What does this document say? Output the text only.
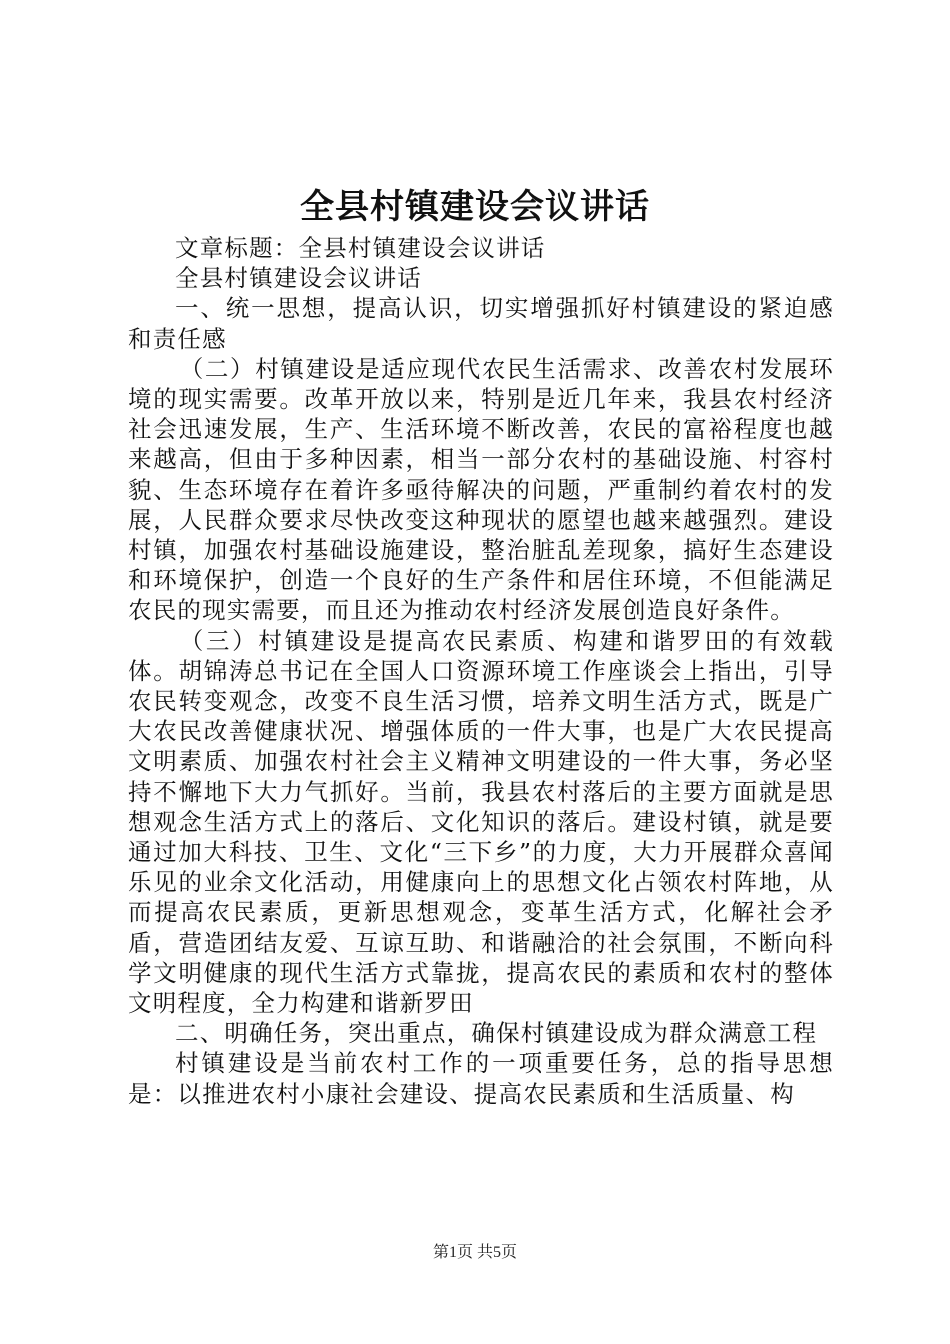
全县村镇建设会议讲话

文章标题：全县村镇建设会议讲话

全县村镇建设会议讲话

一、统一思想，提高认识，切实增强抓好村镇建设的紧迫感和责任感

（二）村镇建设是适应现代农民生活需求、改善农村发展环境的现实需要。改革开放以来，特别是近几年来，我县农村经济社会迅速发展，生产、生活环境不断改善，农民的富裕程度也越来越高，但由于多种因素，相当一部分农村的基础设施、村容村貌、生态环境存在着许多亟待解决的问题，严重制约着农村的发展，人民群众要求尽快改变这种现状的愿望也越来越强烈。建设村镇，加强农村基础设施建设，整治脏乱差现象，搞好生态建设和环境保护，创造一个良好的生产条件和居住环境，不但能满足农民的现实需要，而且还为推动农村经济发展创造良好条件。

（三）村镇建设是提高农民素质、构建和谐罗田的有效载体。胡锦涛总书记在全国人口资源环境工作座谈会上指出，引导农民转变观念，改变不良生活习惯，培养文明生活方式，既是广大农民改善健康状况、增强体质的一件大事，也是广大农民提高文明素质、加强农村社会主义精神文明建设的一件大事，务必坚持不懈地下大力气抓好。当前，我县农村落后的主要方面就是思想观念生活方式上的落后、文化知识的落后。建设村镇，就是要通过加大科技、卫生、文化“三下乡”的力度，大力开展群众喜闻乐见的业余文化活动，用健康向上的思想文化占领农村阵地，从而提高农民素质，更新思想观念，变革生活方式，化解社会矛盾，营造团结友爱、互谅互助、和谐融洽的社会氛围，不断向科学文明健康的现代生活方式靠拢，提高农民的素质和农村的整体文明程度，全力构建和谐新罗田

二、明确任务，突出重点，确保村镇建设成为群众满意工程

村镇建设是当前农村工作的一项重要任务，总的指导思想是：以推进农村小康社会建设、提高农民素质和生活质量、构

第1页 共5页
